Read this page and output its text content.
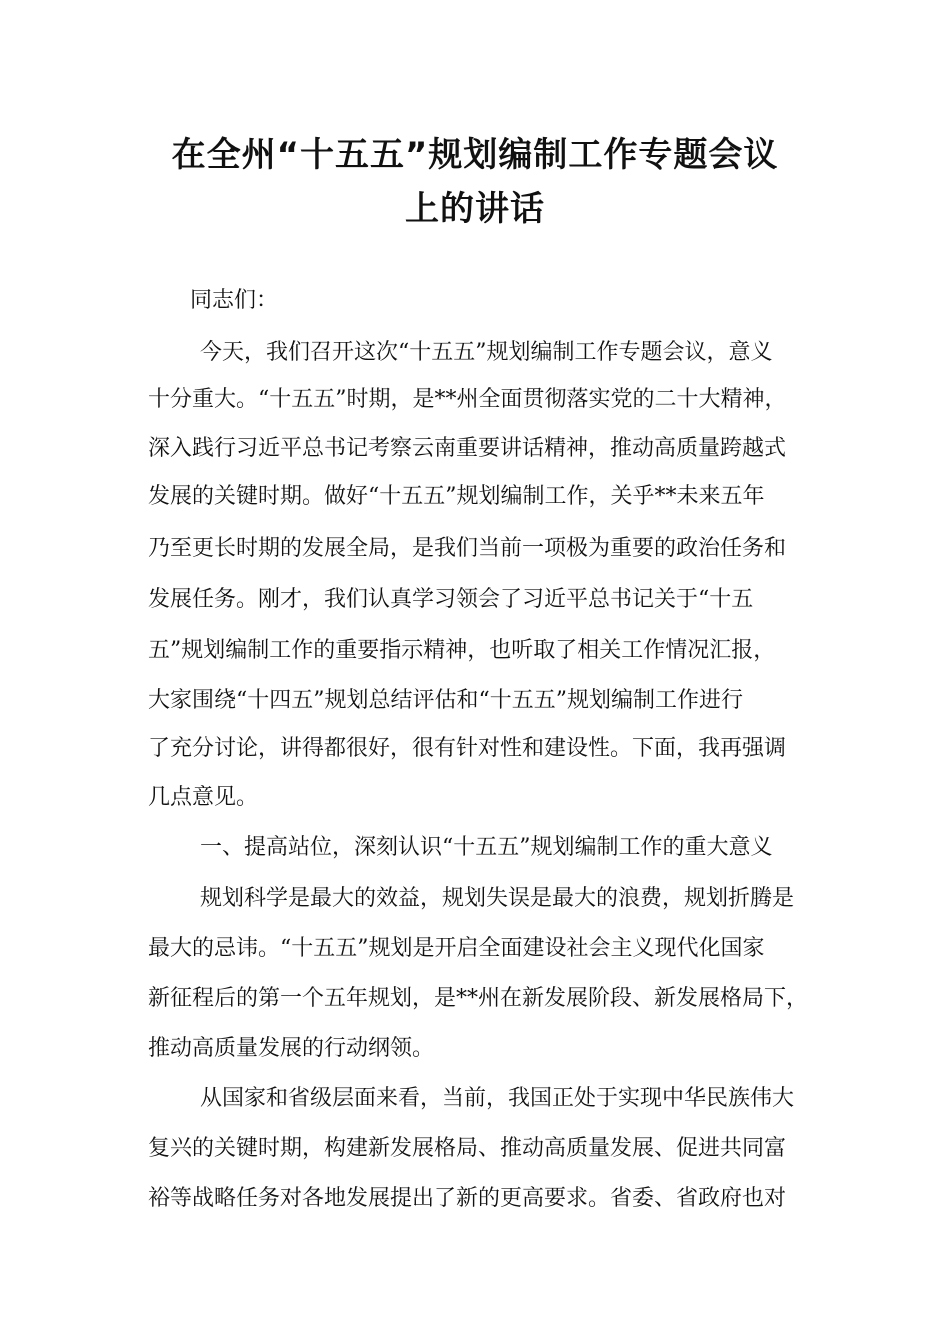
在全州“十五五”规划编制工作专题会议
上的讲话

同志们：

今天，我们召开这次“十五五”规划编制工作专题会议，意义

十分重大。“十五五”时期，是**州全面贯彻落实党的二十大精神，

深入践行习近平总书记考察云南重要讲话精神，推动高质量跨越式

发展的关键时期。做好“十五五”规划编制工作，关乎**未来五年

乃至更长时期的发展全局，是我们当前一项极为重要的政治任务和

发展任务。刚才，我们认真学习领会了习近平总书记关于“十五

五”规划编制工作的重要指示精神，也听取了相关工作情况汇报，

大家围绕“十四五”规划总结评估和“十五五”规划编制工作进行

了充分讨论，讲得都很好，很有针对性和建设性。下面，我再强调

几点意见。

一、提高站位，深刻认识“十五五”规划编制工作的重大意义

规划科学是最大的效益，规划失误是最大的浪费，规划折腾是

最大的忌讳。“十五五”规划是开启全面建设社会主义现代化国家

新征程后的第一个五年规划，是**州在新发展阶段、新发展格局下，

推动高质量发展的行动纲领。

从国家和省级层面来看，当前，我国正处于实现中华民族伟大

复兴的关键时期，构建新发展格局、推动高质量发展、促进共同富

裕等战略任务对各地发展提出了新的更高要求。省委、省政府也对
